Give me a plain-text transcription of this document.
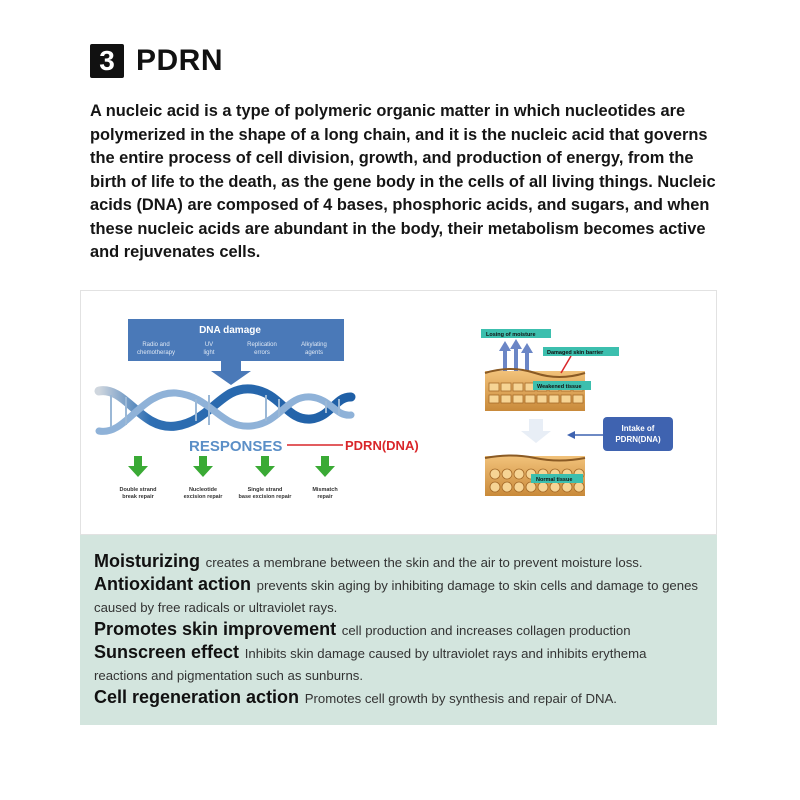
3 PDRN
A nucleic acid is a type of polymeric organic matter in which nucleotides are polymerized in the shape of a long chain, and it is the nucleic acid that governs the entire process of cell division, growth, and production of energy, from the birth of life to the death, as the gene body in the cells of all living things. Nucleic acids (DNA) are composed of 4 bases, phosphoric acids, and sugars, and when these nucleic acids are abundant in the body, their metabolism becomes active and rejuvenates cells.
DNA damage
Radio and
chemotherapy
UV
light
Replication
errors
Alkylating
agents
RESPONSES	PDRN(DNA)
Double strand
break repair
Nucleotide
excision repair
Single strand
base excision repair
Mismatch
repair
Losing of moisture
Damaged skin barrier
Weakened tissue
Intake of
PDRN(DNA)
Normal tissue
Moisturizing creates a membrane between the skin and the air to prevent moisture loss.
Antioxidant action prevents skin aging by inhibiting damage to skin cells and damage to genes caused by free radicals or ultraviolet rays.
Promotes skin improvement cell production and increases collagen production
Sunscreen effect Inhibits skin damage caused by ultraviolet rays and inhibits erythema reactions and pigmentation such as sunburns.
Cell regeneration action Promotes cell growth by synthesis and repair of DNA.
